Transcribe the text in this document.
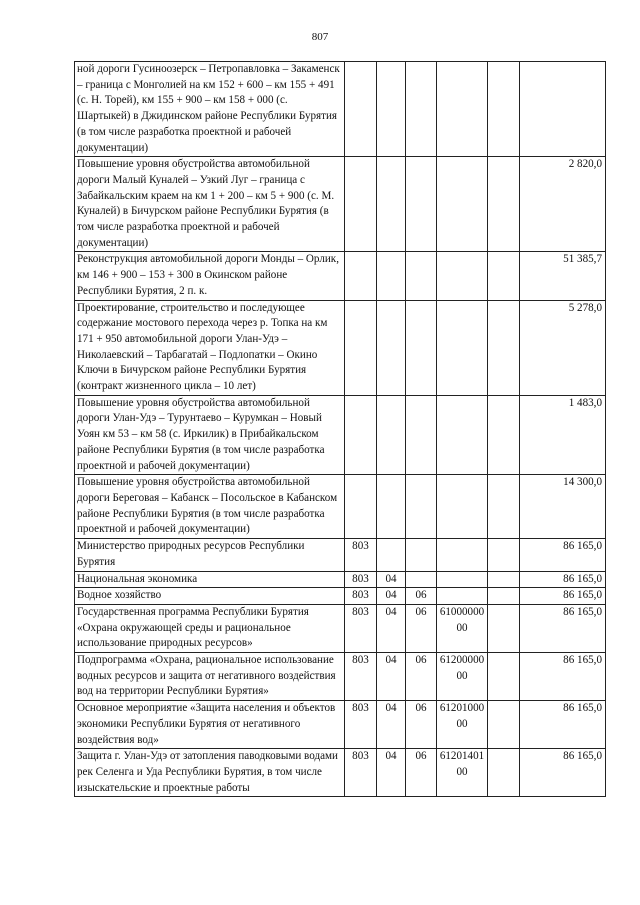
807
ной дороги Гусиноозерск – Петропавловка – Закаменск – граница с Монголией на км 152 + 600 – км 155 + 491 (с. Н. Торей), км 155 + 900 – км 158 + 000 (с. Шартыкей) в Джидинском районе Республики Бурятия (в том числе разработка проектной и рабочей документации)						
Повышение уровня обустройства автомобильной дороги Малый Куналей – Узкий Луг – граница с Забайкальским краем на км 1 + 200 – км 5 + 900 (с. М. Куналей) в Бичурском районе Республики Бурятия (в том числе разработка проектной и рабочей документации)						2 820,0
Реконструкция автомобильной дороги Монды – Орлик, км 146 + 900 – 153 + 300 в Окинском районе Республики Бурятия, 2 п. к.						51 385,7
Проектирование, строительство и последующее содержание мостового перехода через р. Топка на км 171 + 950 автомобильной дороги Улан-Удэ – Николаевский – Тарбагатай – Подлопатки – Окино Ключи в Бичурском районе Республики Бурятия (контракт жизненного цикла – 10 лет)						5 278,0
Повышение уровня обустройства автомобильной дороги Улан-Удэ – Турунтаево – Курумкан – Новый Уоян км 53 – км 58 (с. Иркилик) в Прибайкальском районе Республики Бурятия (в том числе разработка проектной и рабочей документации)						1 483,0
Повышение уровня обустройства автомобильной дороги Береговая – Кабанск – Посольское в Кабанском районе Республики Бурятия (в том числе разработка проектной и рабочей документации)						14 300,0
Министерство природных ресурсов Республики Бурятия	803					86 165,0
Национальная экономика	803	04				86 165,0
Водное хозяйство	803	04	06			86 165,0
Государственная программа Республики Бурятия «Охрана окружающей среды и рациональное использование природных ресурсов»	803	04	06	6100000000		86 165,0
Подпрограмма «Охрана, рациональное использование водных ресурсов и защита от негативного воздействия вод на территории Республики Бурятия»	803	04	06	6120000000		86 165,0
Основное мероприятие «Защита населения и объектов экономики Республики Бурятия от негативного воздействия вод»	803	04	06	6120100000		86 165,0
Защита г. Улан-Удэ от затопления паводковыми водами рек Селенга и Уда Республики Бурятия, в том числе изыскательские и проектные работы	803	04	06	6120140100		86 165,0
